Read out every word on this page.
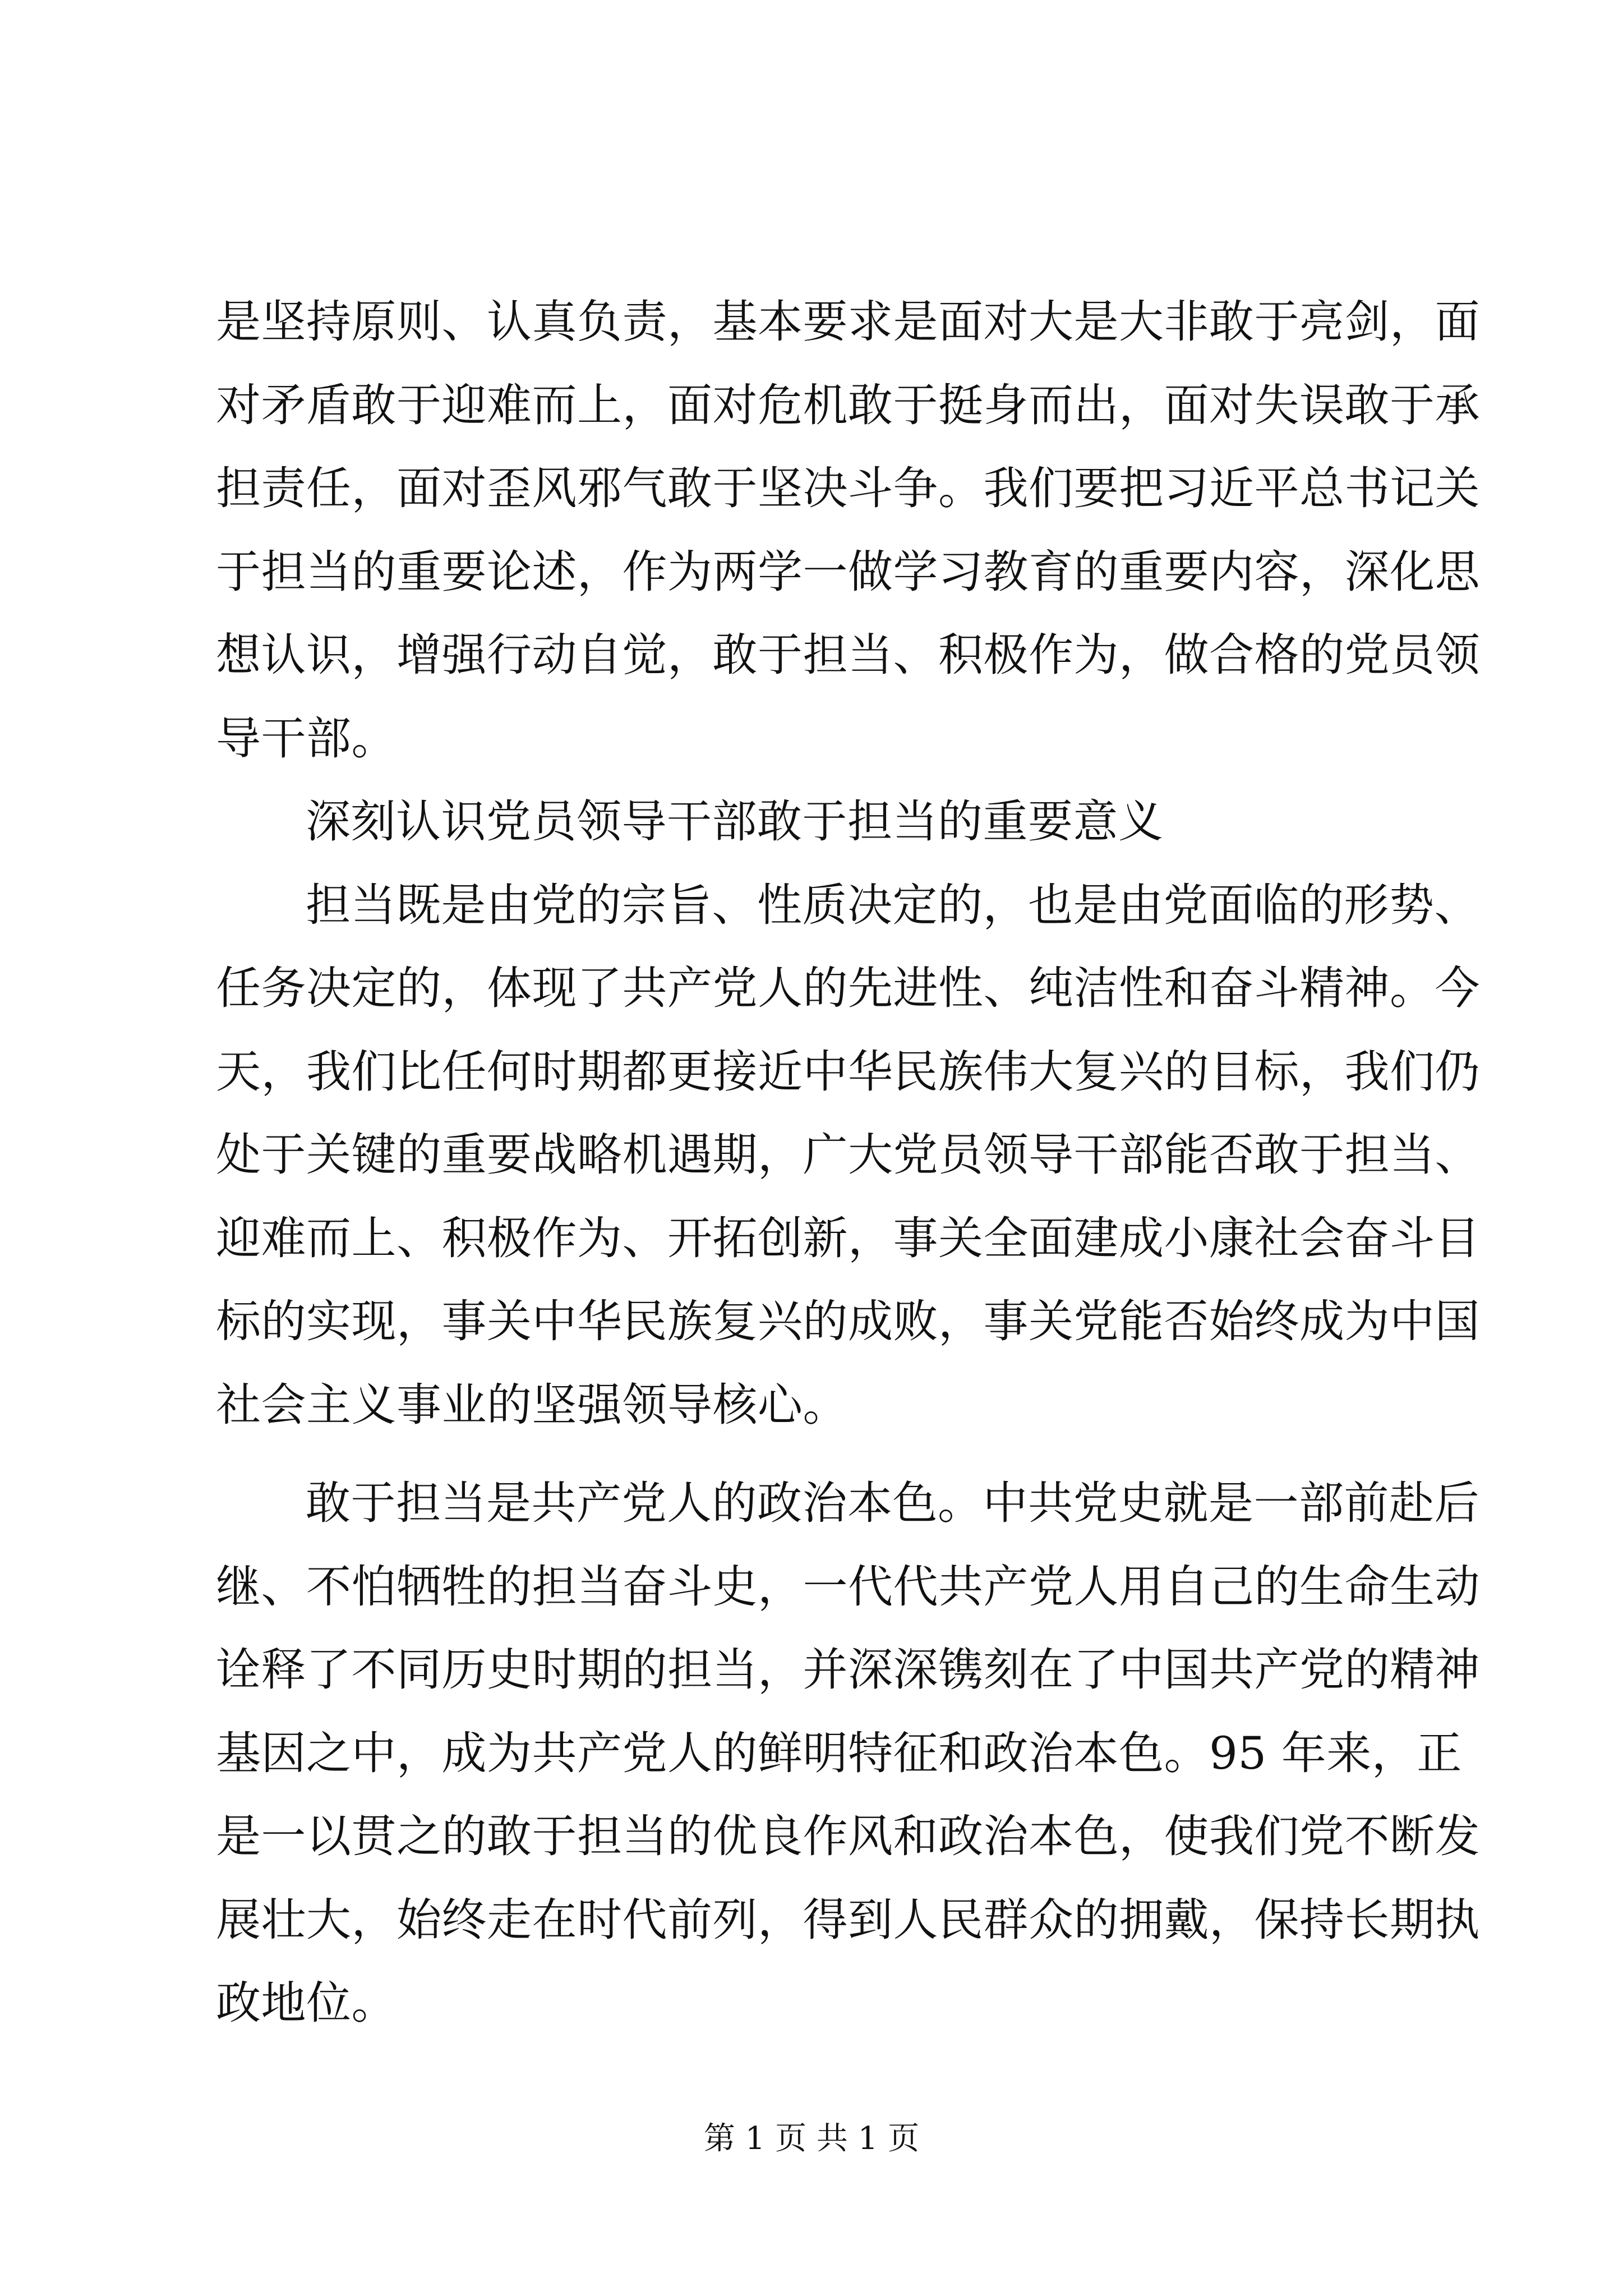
是坚持原则、认真负责，基本要求是面对大是大非敢于亮剑，面
对矛盾敢于迎难而上，面对危机敢于挺身而出，面对失误敢于承
担责任，面对歪风邪气敢于坚决斗争。我们要把习近平总书记关
于担当的重要论述，作为两学一做学习教育的重要内容，深化思
想认识，增强行动自觉，敢于担当、积极作为，做合格的党员领
导干部。
深刻认识党员领导干部敢于担当的重要意义
担当既是由党的宗旨、性质决定的，也是由党面临的形势、
任务决定的，体现了共产党人的先进性、纯洁性和奋斗精神。今
天，我们比任何时期都更接近中华民族伟大复兴的目标，我们仍
处于关键的重要战略机遇期，广大党员领导干部能否敢于担当、
迎难而上、积极作为、开拓创新，事关全面建成小康社会奋斗目
标的实现，事关中华民族复兴的成败，事关党能否始终成为中国
社会主义事业的坚强领导核心。
敢于担当是共产党人的政治本色。中共党史就是一部前赴后
继、不怕牺牲的担当奋斗史，一代代共产党人用自己的生命生动
诠释了不同历史时期的担当，并深深镌刻在了中国共产党的精神
基因之中，成为共产党人的鲜明特征和政治本色。95 年来，正
是一以贯之的敢于担当的优良作风和政治本色，使我们党不断发
展壮大，始终走在时代前列，得到人民群众的拥戴，保持长期执
政地位。
第 1 页 共 1 页
